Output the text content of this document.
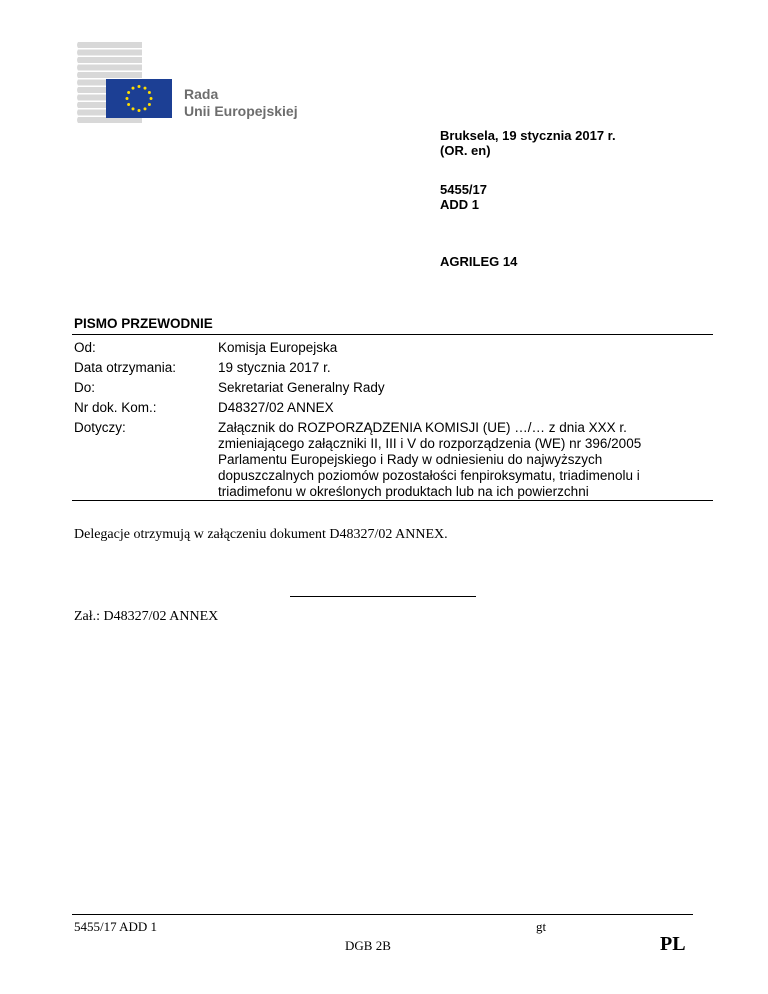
Rada
Unii Europejskiej
Bruksela, 19 stycznia 2017 r.
(OR. en)
5455/17
ADD 1
AGRILEG 14
PISMO PRZEWODNIE
Od:	Komisja Europejska
Data otrzymania:	19 stycznia 2017 r.
Do:	Sekretariat Generalny Rady
Nr dok. Kom.:	D48327/02 ANNEX
Dotyczy:	Załącznik do ROZPORZĄDZENIA KOMISJI (UE) …/… z dnia XXX r.
zmieniającego załączniki II, III i V do rozporządzenia (WE) nr 396/2005
Parlamentu Europejskiego i Rady w odniesieniu do najwyższych
dopuszczalnych poziomów pozostałości fenpiroksymatu, triadimenolu i
triadimefonu w określonych produktach lub na ich powierzchni
Delegacje otrzymują w załączeniu dokument D48327/02 ANNEX.
Zał.: D48327/02 ANNEX
5455/17 ADD 1	gt
DGB 2B	PL
